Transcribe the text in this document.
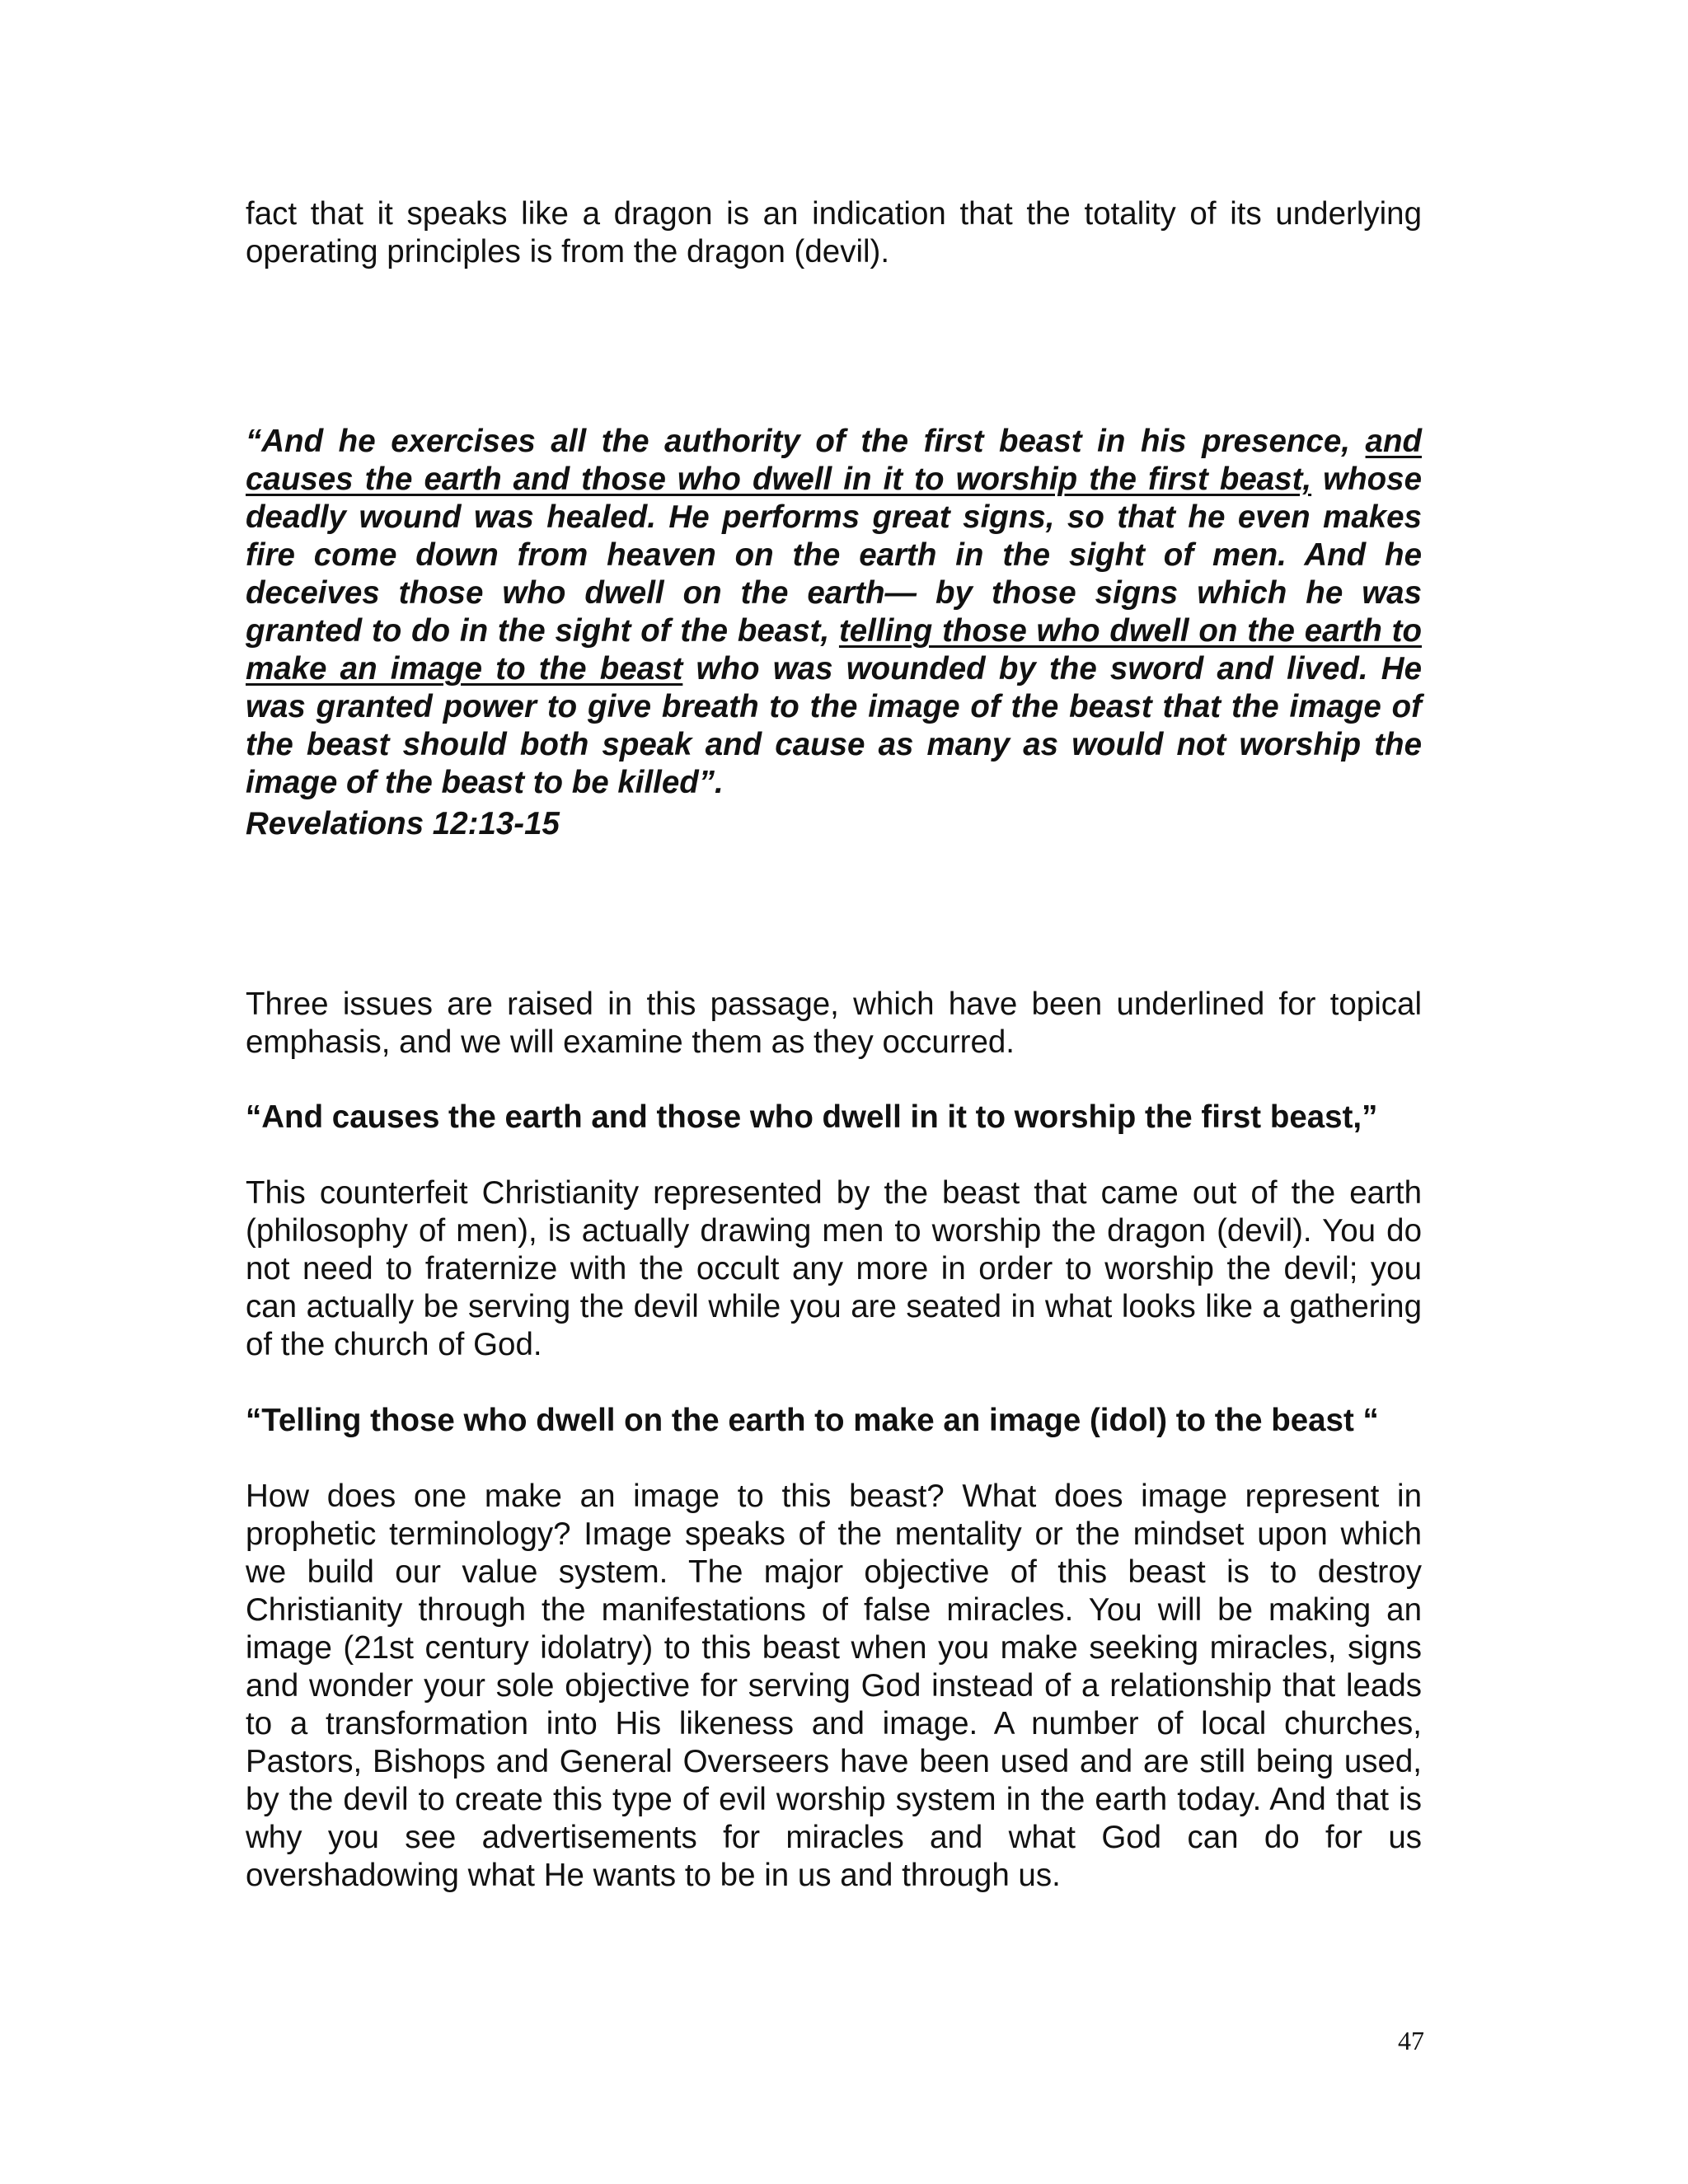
fact that it speaks like a dragon is an indication that the totality of its underlying operating principles is from the dragon (devil).

“And he exercises all the authority of the first beast in his presence, and causes the earth and those who dwell in it to worship the first beast, whose deadly wound was healed. He performs great signs, so that he even makes fire come down from heaven on the earth in the sight of men. And he deceives those who dwell on the earth— by those signs which he was granted to do in the sight of the beast, telling those who dwell on the earth to make an image to the beast who was wounded by the sword and lived. He was granted power to give breath to the image of the beast that the image of the beast should both speak and cause as many as would not worship the image of the beast to be killed”.

Revelations 12:13-15

Three issues are raised in this passage, which have been underlined for topical emphasis, and we will examine them as they occurred.

“And causes the earth and those who dwell in it to worship the first beast,”

This counterfeit Christianity represented by the beast that came out of the earth (philosophy of men), is actually drawing men to worship the dragon (devil). You do not need to fraternize with the occult any more in order to worship the devil; you can actually be serving the devil while you are seated in what looks like a gathering of the church of God.

“Telling those who dwell on the earth to make an image (idol) to the beast “

How does one make an image to this beast? What does image represent in prophetic terminology? Image speaks of the mentality or the mindset upon which we build our value system. The major objective of this beast is to destroy Christianity through the manifestations of false miracles. You will be making an image (21st century idolatry) to this beast when you make seeking miracles, signs and wonder your sole objective for serving God instead of a relationship that leads to a transformation into His likeness and image. A number of local churches, Pastors, Bishops and General Overseers have been used and are still being used, by the devil to create this type of evil worship system in the earth today. And that is why you see advertisements for miracles and what God can do for us overshadowing what He wants to be in us and through us.

47
